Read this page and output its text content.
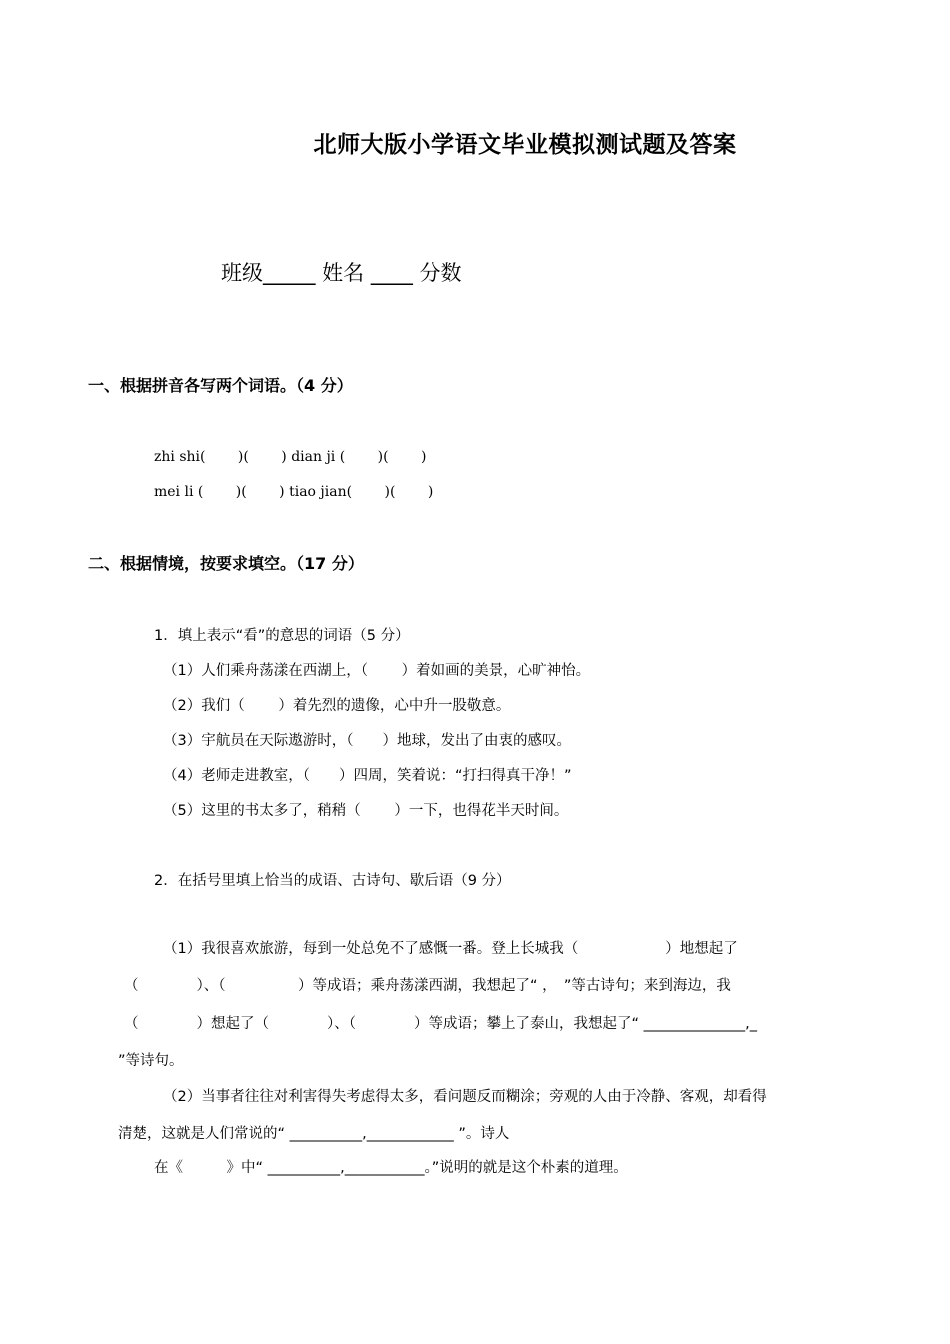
北师大版小学语文毕业模拟测试题及答案
班级_____ 姓名 ____ 分数
一、根据拼音各写两个词语。（4 分）
zhi shi(　　 )(　　 ) dian ji (　　 )(　　 )
mei li (　　 )(　　 ) tiao jian(　　 )(　　 )
二、根据情境，按要求填空。（17 分）
1．填上表示“看”的意思的词语（5 分）
（1）人们乘舟荡漾在西湖上，（　　 ）着如画的美景，心旷神怡。
（2）我们（　　 ）着先烈的遗像，心中升一股敬意。
（3）宇航员在天际遨游时，（　　）地球，发出了由衷的感叹。
（4）老师走进教室，（　　）四周，笑着说：“打扫得真干净！”
（5）这里的书太多了，稍稍（　　 ）一下，也得花半天时间。
2．在括号里填上恰当的成语、古诗句、歇后语（9 分）
（1）我很喜欢旅游，每到一处总免不了感慨一番。登上长城我（　　　　　　）地想起了
（　　　　）、（　　　　　）等成语；乘舟荡漾西湖，我想起了“ ，　”等古诗句；来到海边，我
（　　　　）想起了（　　　　）、（　　　　）等成语；攀上了泰山，我想起了“ ______________,_
”等诗句。
（2）当事者往往对利害得失考虑得太多，看问题反而糊涂；旁观的人由于冷静、客观，却看得
清楚，这就是人们常说的“ __________,____________ ”。诗人
在《　　　》中“ __________,___________。”说明的就是这个朴素的道理。
